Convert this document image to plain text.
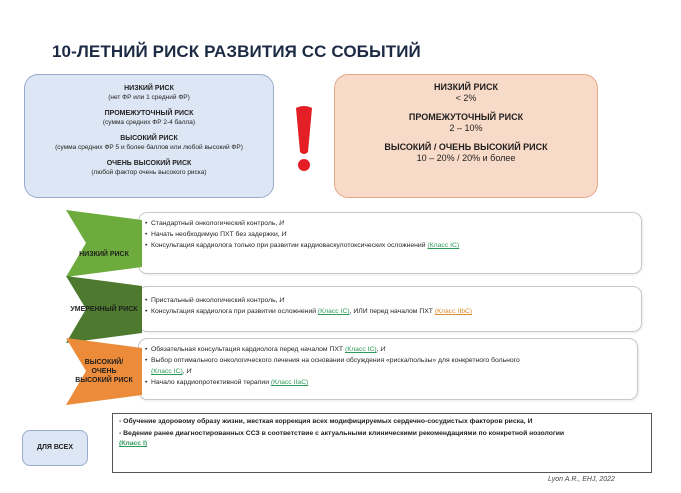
10-ЛЕТНИЙ РИСК РАЗВИТИЯ СС СОБЫТИЙ
НИЗКИЙ РИСК
(нет ФР или 1 средний ФР)
ПРОМЕЖУТОЧНЫЙ РИСК
(сумма средних ФР 2-4 балла)
ВЫСОКИЙ РИСК
(сумма средних ФР 5 и более баллов или любой высокий ФР)
ОЧЕНЬ ВЫСОКИЙ РИСК
(любой фактор очень высокого риска)
НИЗКИЙ РИСК
< 2%
ПРОМЕЖУТОЧНЫЙ РИСК
2 – 10%
ВЫСОКИЙ / ОЧЕНЬ ВЫСОКИЙ РИСК
10 – 20% / 20% и более
• Стандартный онкологический контроль, И
• Начать необходимую ПХТ без задержки, И
• Консультация кардиолога только при развитии кардиоваскулотоксических осложнений (Класс IC)
• Пристальный онкологический контроль, И
• Консультация кардиолога при развитии осложнений (Класс IC), ИЛИ перед началом ПХТ (Класс IIbC)
• Обязательная консультация кардиолога перед началом ПХТ (Класс IC), И
• Выбор оптимального онкологического лечения на основании обсуждения «риска/пользы» для конкретного больного
(Класс IC), И
• Начало кардиопротективной терапии (Класс IIaC)
НИЗКИЙ РИСК
УМЕРЕННЫЙ РИСК
ВЫСОКИЙ/ОЧЕНЬ ВЫСОКИЙ РИСК
ДЛЯ ВСЕХ
- Обучение здоровому образу жизни, жесткая коррекция всех модифицируемых сердечно-сосудистых факторов риска, И
- Ведение ранее диагностированных ССЗ в соответствие с актуальными клиническими рекомендациями по конкретной нозологии
(Класс I)
Lyon A.R., EHJ, 2022
